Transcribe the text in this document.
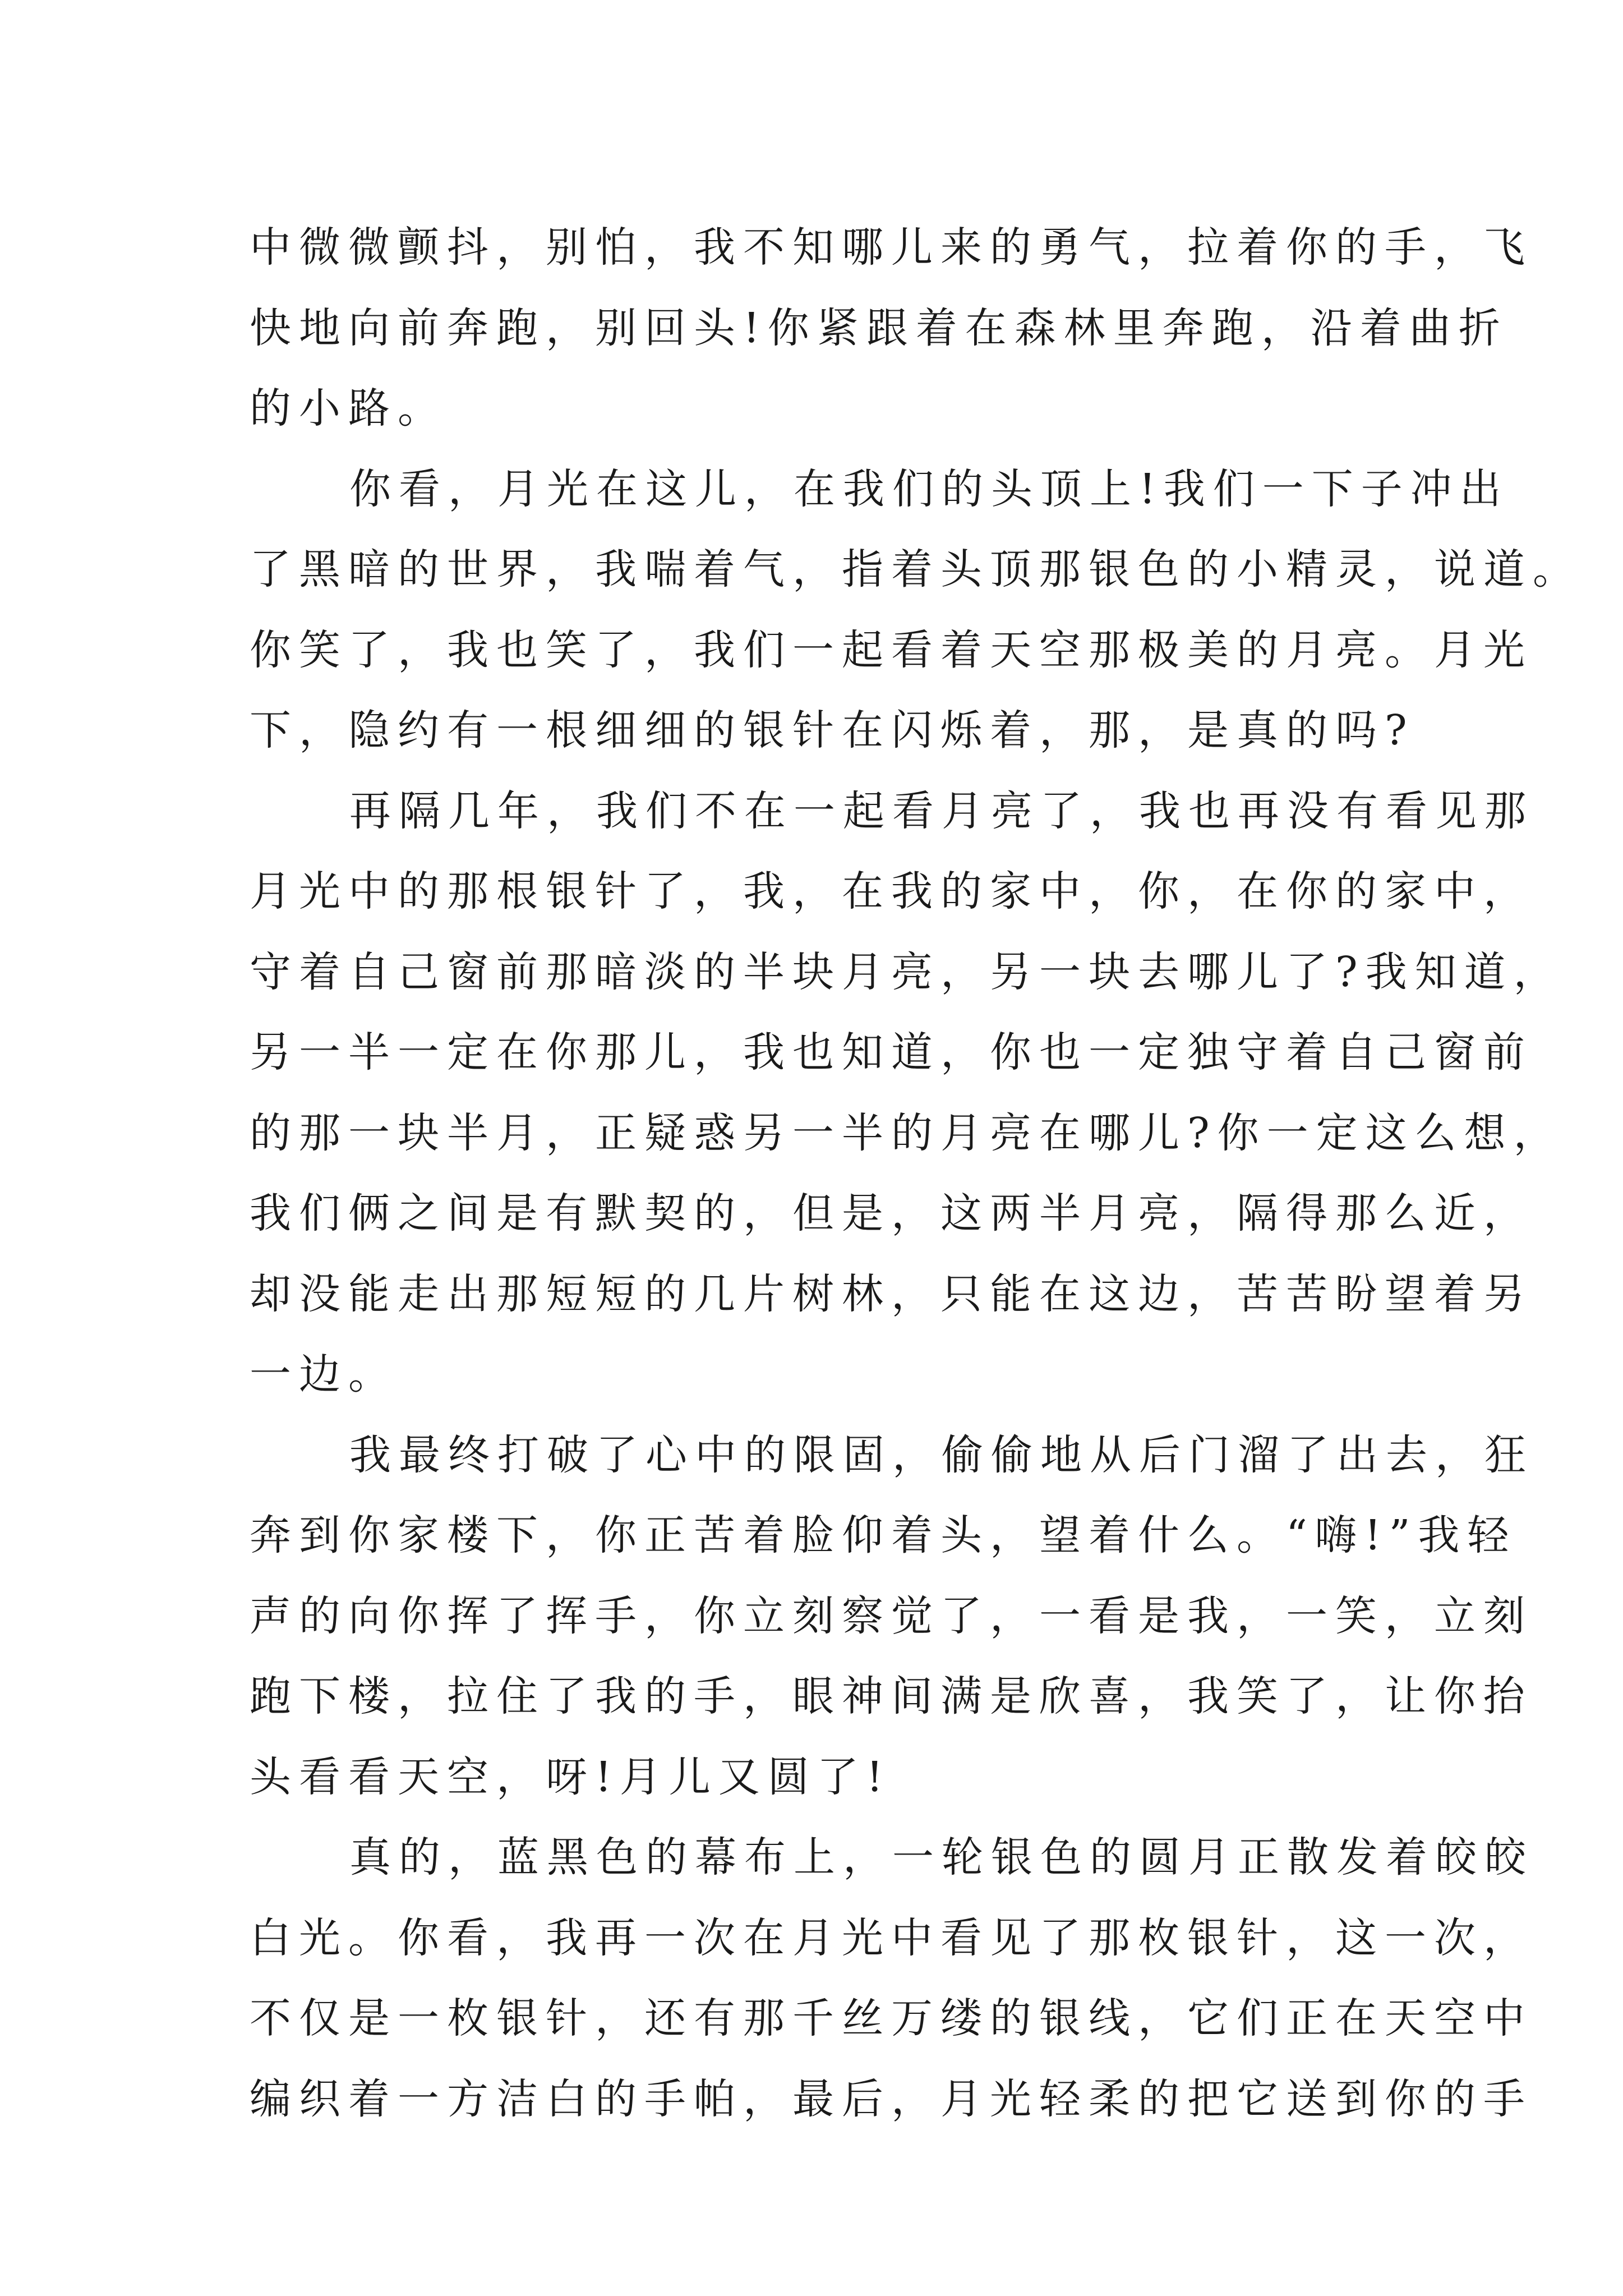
中微微颤抖，别怕，我不知哪儿来的勇气，拉着你的手，飞
快地向前奔跑，别回头!你紧跟着在森林里奔跑，沿着曲折
的小路。
你看，月光在这儿，在我们的头顶上!我们一下子冲出
了黑暗的世界，我喘着气，指着头顶那银色的小精灵，说道。
你笑了，我也笑了，我们一起看着天空那极美的月亮。月光
下，隐约有一根细细的银针在闪烁着，那，是真的吗?
再隔几年，我们不在一起看月亮了，我也再没有看见那
月光中的那根银针了，我，在我的家中，你，在你的家中，
守着自己窗前那暗淡的半块月亮，另一块去哪儿了?我知道，
另一半一定在你那儿，我也知道，你也一定独守着自己窗前
的那一块半月，正疑惑另一半的月亮在哪儿?你一定这么想，
我们俩之间是有默契的，但是，这两半月亮，隔得那么近，
却没能走出那短短的几片树林，只能在这边，苦苦盼望着另
一边。
我最终打破了心中的限固，偷偷地从后门溜了出去，狂
奔到你家楼下，你正苦着脸仰着头，望着什么。“嗨!”我轻
声的向你挥了挥手，你立刻察觉了，一看是我，一笑，立刻
跑下楼，拉住了我的手，眼神间满是欣喜，我笑了，让你抬
头看看天空，呀!月儿又圆了!
真的，蓝黑色的幕布上，一轮银色的圆月正散发着皎皎
白光。你看，我再一次在月光中看见了那枚银针，这一次，
不仅是一枚银针，还有那千丝万缕的银线，它们正在天空中
编织着一方洁白的手帕，最后，月光轻柔的把它送到你的手
